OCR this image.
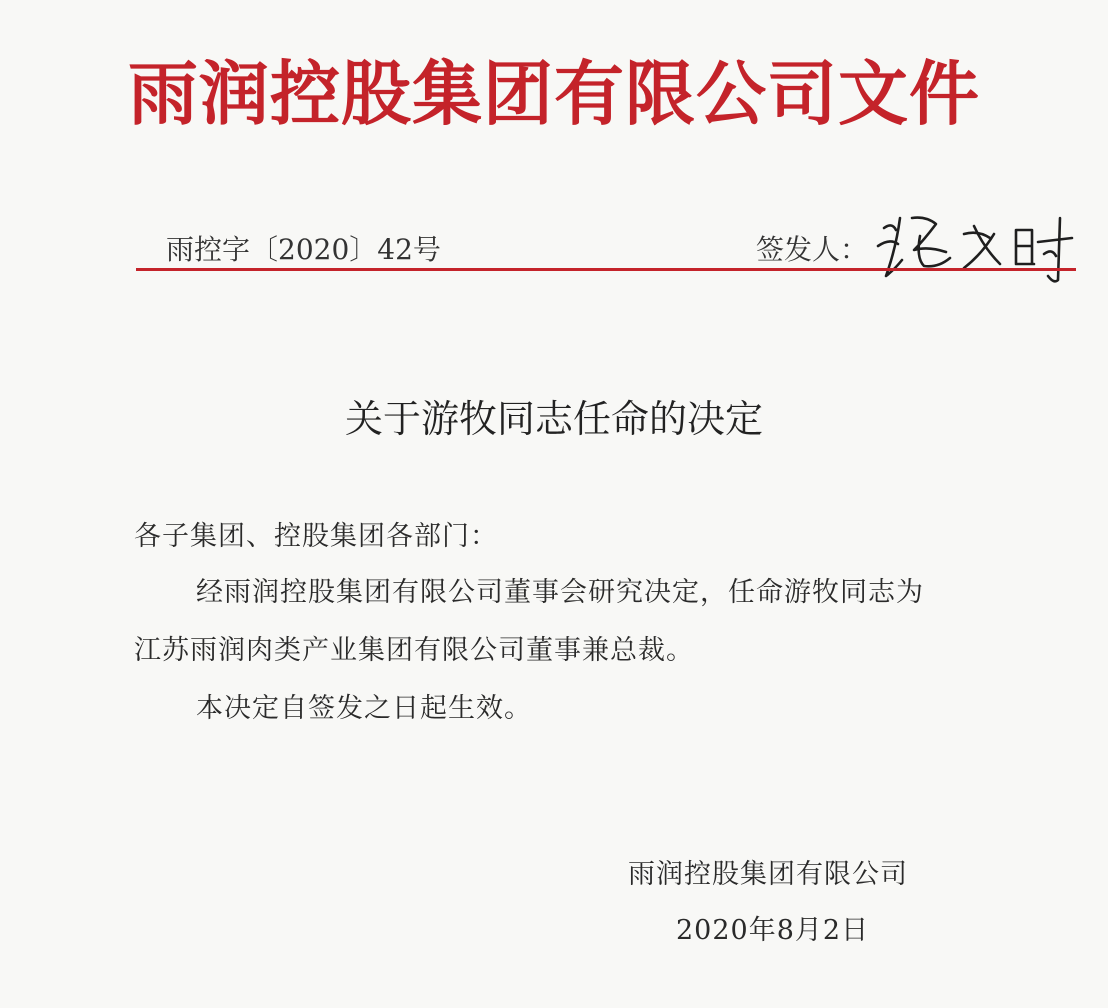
雨润控股集团有限公司文件
雨控字〔2020〕42号	签发人：
关于游牧同志任命的决定
各子集团、控股集团各部门：
经雨润控股集团有限公司董事会研究决定，任命游牧同志为
江苏雨润肉类产业集团有限公司董事兼总裁。
本决定自签发之日起生效。
雨润控股集团有限公司
2020年8月2日
